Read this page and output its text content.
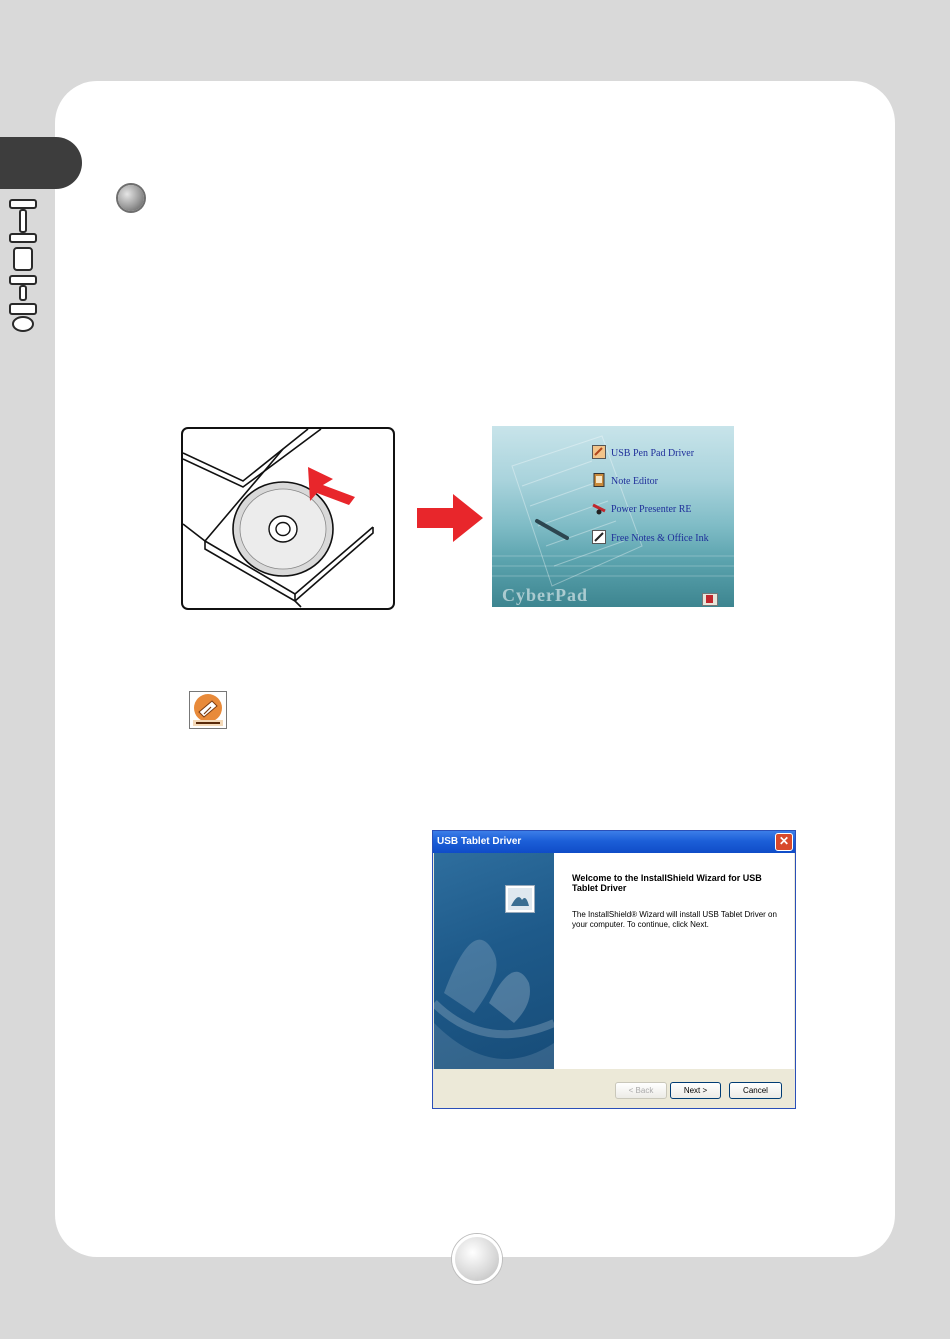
USB Pen Pad Driver
Note Editor
Power Presenter RE
Free Notes & Office Ink
CyberPad
USB Tablet Driver	✕
Welcome to the InstallShield Wizard for USB Tablet Driver
The InstallShield® Wizard will install USB Tablet Driver on your computer. To continue, click Next.
< Back	Next >	Cancel
